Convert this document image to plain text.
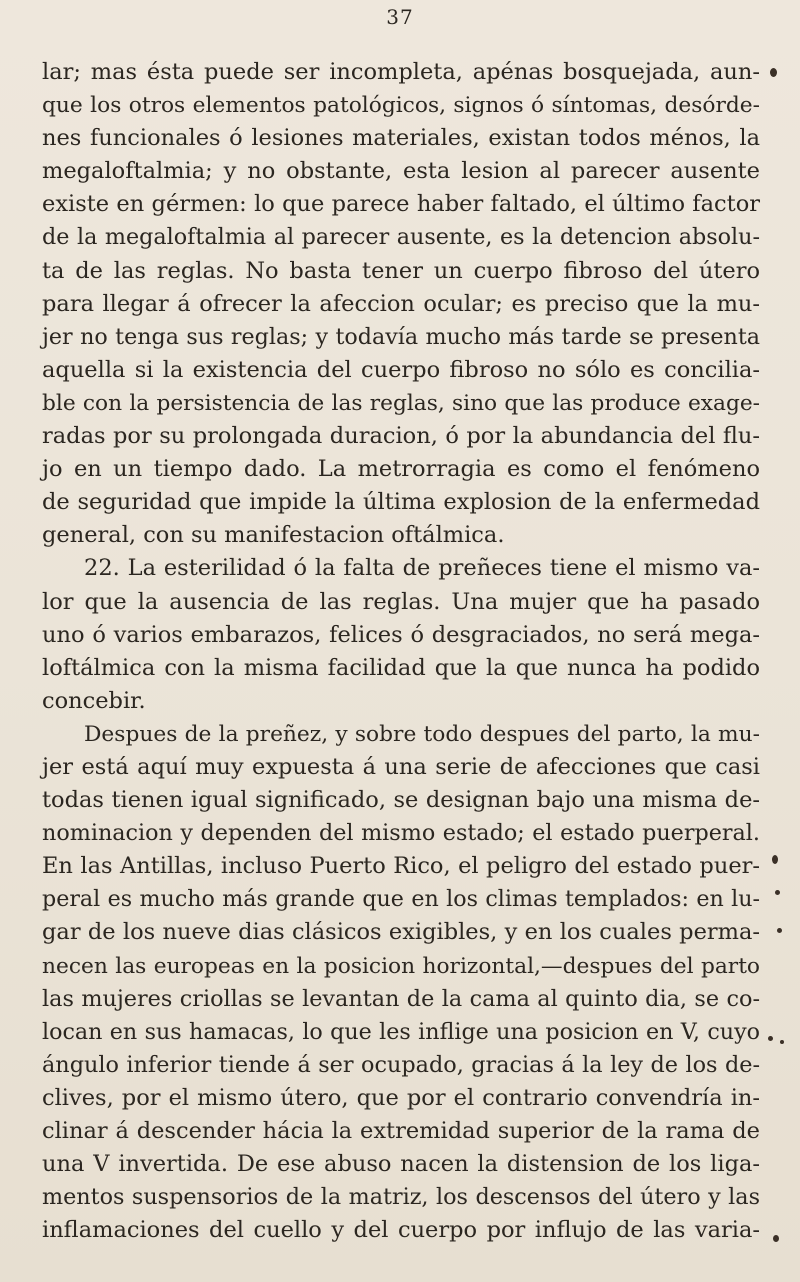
37
lar; mas ésta puede ser incompleta, apénas bosquejada, aun-
que los otros elementos patológicos, signos ó síntomas, desórde-
nes funcionales ó lesiones materiales, existan todos ménos, la
megaloftalmia; y no obstante, esta lesion al parecer ausente
existe en gérmen: lo que parece haber faltado, el último factor
de la megaloftalmia al parecer ausente, es la detencion absolu-
ta de las reglas. No basta tener un cuerpo fibroso del útero
para llegar á ofrecer la afeccion ocular; es preciso que la mu-
jer no tenga sus reglas; y todavía mucho más tarde se presenta
aquella si la existencia del cuerpo fibroso no sólo es concilia-
ble con la persistencia de las reglas, sino que las produce exage-
radas por su prolongada duracion, ó por la abundancia del flu-
jo en un tiempo dado. La metrorragia es como el fenómeno
de seguridad que impide la última explosion de la enfermedad
general, con su manifestacion oftálmica.
22. La esterilidad ó la falta de preñeces tiene el mismo va-
lor que la ausencia de las reglas. Una mujer que ha pasado
uno ó varios embarazos, felices ó desgraciados, no será mega-
loftálmica con la misma facilidad que la que nunca ha podido
concebir.
Despues de la preñez, y sobre todo despues del parto, la mu-
jer está aquí muy expuesta á una serie de afecciones que casi
todas tienen igual significado, se designan bajo una misma de-
nominacion y dependen del mismo estado; el estado puerperal.
En las Antillas, incluso Puerto Rico, el peligro del estado puer-
peral es mucho más grande que en los climas templados: en lu-
gar de los nueve dias clásicos exigibles, y en los cuales perma-
necen las europeas en la posicion horizontal,—despues del parto
las mujeres criollas se levantan de la cama al quinto dia, se co-
locan en sus hamacas, lo que les inflige una posicion en V, cuyo
ángulo inferior tiende á ser ocupado, gracias á la ley de los de-
clives, por el mismo útero, que por el contrario convendría in-
clinar á descender hácia la extremidad superior de la rama de
una V invertida. De ese abuso nacen la distension de los liga-
mentos suspensorios de la matriz, los descensos del útero y las
inflamaciones del cuello y del cuerpo por influjo de las varia-
